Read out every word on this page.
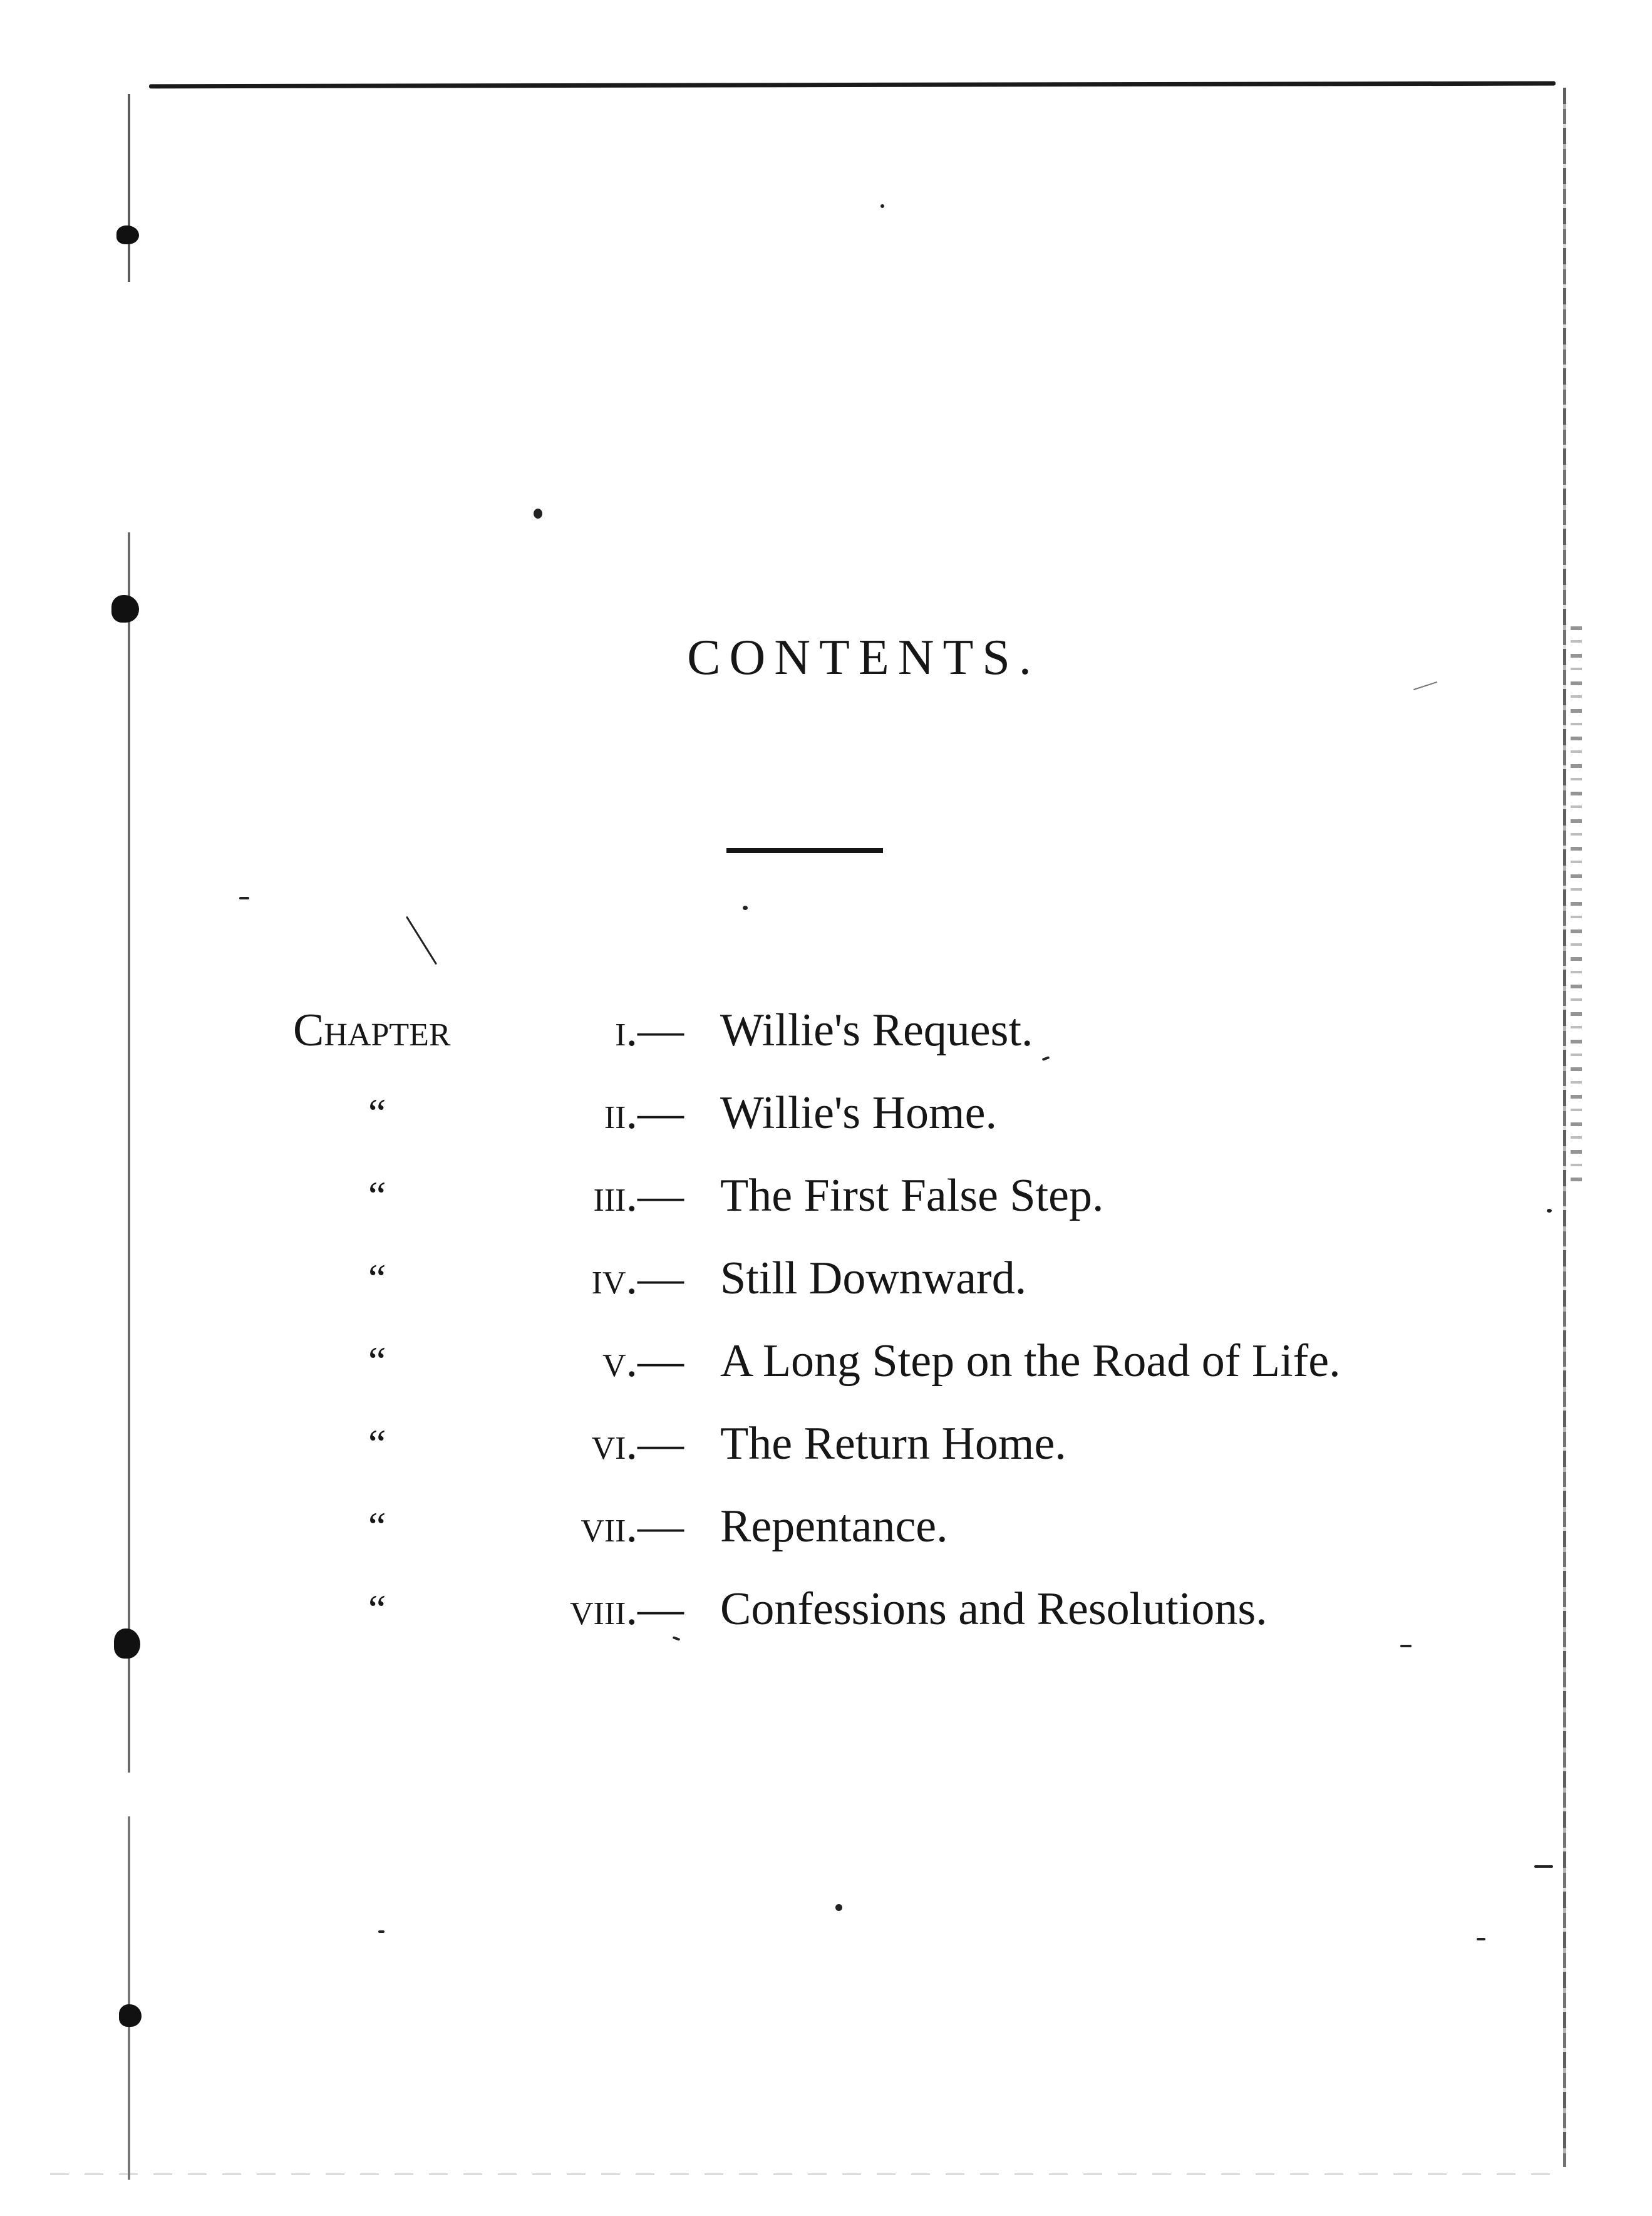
CONTENTS.
Chapter	i. — Willie's Request.
“	ii. — Willie's Home.
“	iii. — The First False Step.
“	iv. — Still Downward.
“	v. — A Long Step on the Road of Life.
“	vi. — The Return Home.
“	vii. — Repentance.
“	viii. — Confessions and Resolutions.
